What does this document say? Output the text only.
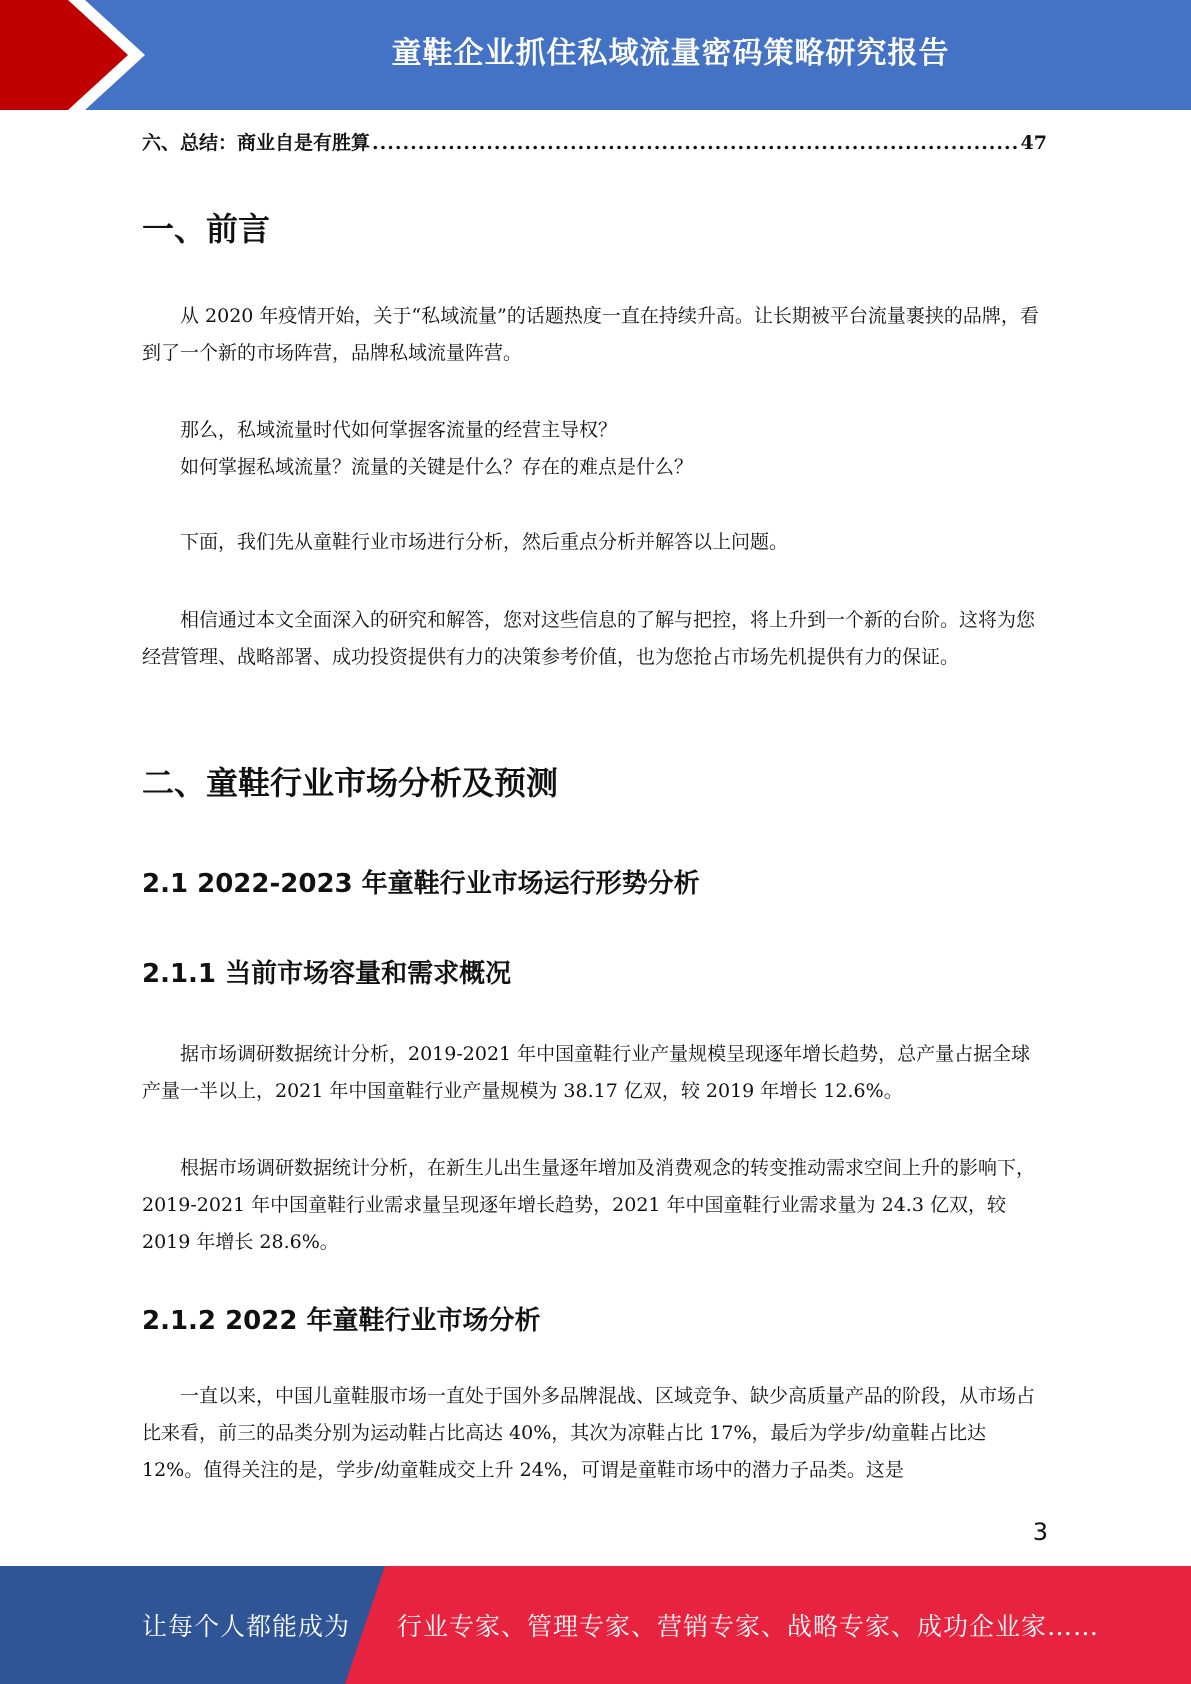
童鞋企业抓住私域流量密码策略研究报告
六、总结：商业自是有胜算
.....	47
一、前言

从 2020 年疫情开始，关于“私域流量”的话题热度一直在持续升高。让长期被平台流量裹挟的品牌，看到了一个新的市场阵营，品牌私域流量阵营。

那么，私域流量时代如何掌握客流量的经营主导权？

如何掌握私域流量？流量的关键是什么？存在的难点是什么？

下面，我们先从童鞋行业市场进行分析，然后重点分析并解答以上问题。

相信通过本文全面深入的研究和解答，您对这些信息的了解与把控，将上升到一个新的台阶。这将为您经营管理、战略部署、成功投资提供有力的决策参考价值，也为您抢占市场先机提供有力的保证。

二、童鞋行业市场分析及预测
2.1 2022-2023 年童鞋行业市场运行形势分析
2.1.1 当前市场容量和需求概况

据市场调研数据统计分析，2019-2021 年中国童鞋行业产量规模呈现逐年增长趋势，总产量占据全球产量一半以上，2021 年中国童鞋行业产量规模为 38.17 亿双，较 2019 年增长 12.6%。

根据市场调研数据统计分析，在新生儿出生量逐年增加及消费观念的转变推动需求空间上升的影响下，2019-2021 年中国童鞋行业需求量呈现逐年增长趋势，2021 年中国童鞋行业需求量为 24.3 亿双，较 2019 年增长 28.6%。

2.1.2 2022 年童鞋行业市场分析

一直以来，中国儿童鞋服市场一直处于国外多品牌混战、区域竞争、缺少高质量产品的阶段，从市场占比来看，前三的品类分别为运动鞋占比高达 40%，其次为凉鞋占比 17%，最后为学步/幼童鞋占比达 12%。值得关注的是，学步/幼童鞋成交上升 24%，可谓是童鞋市场中的潜力子品类。这是

3
让每个人都能成为 行业专家、管理专家、营销专家、战略专家、成功企业家……
